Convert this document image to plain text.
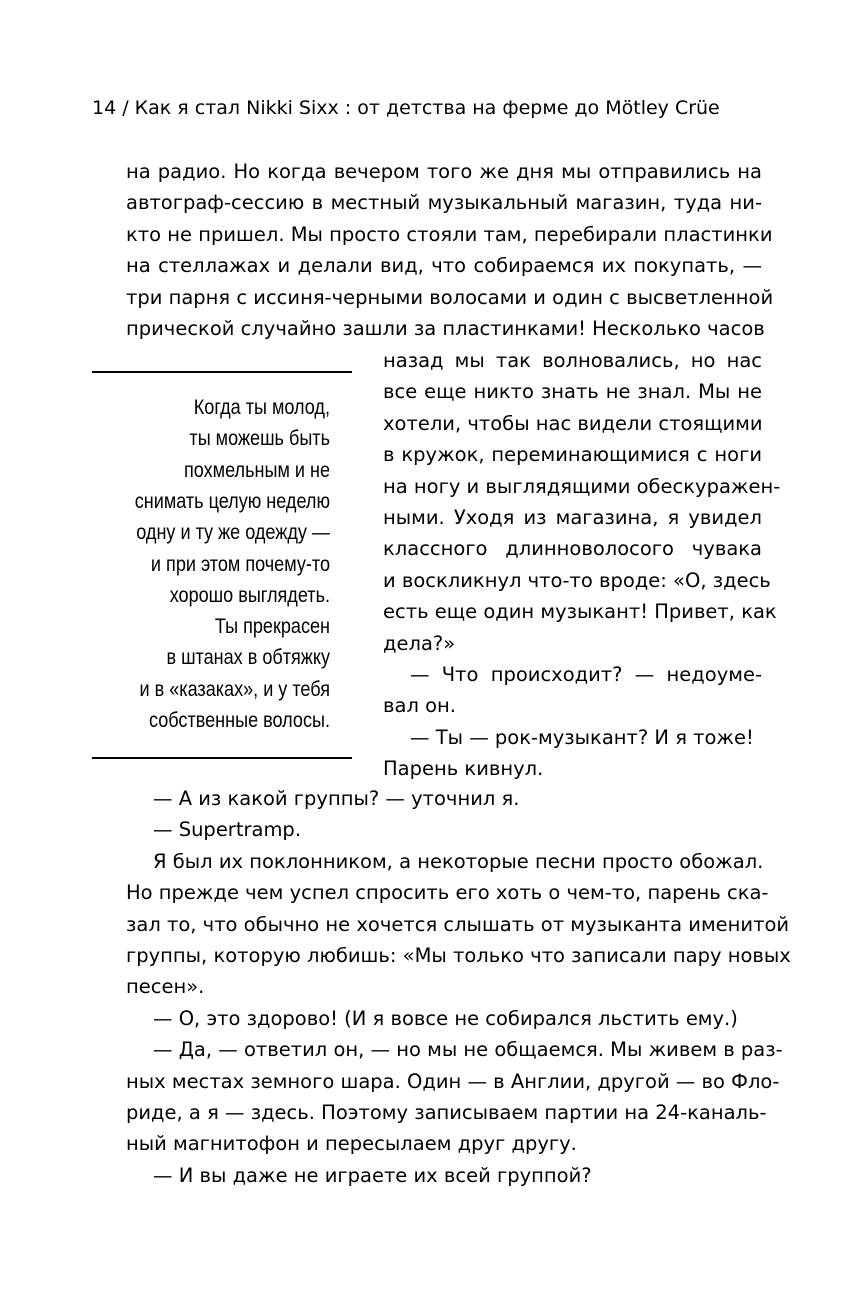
14 / Как я стал Nikki Sixx : от детства на ферме до Mötley Crüe
на радио. Но когда вечером того же дня мы отправились на
автограф-сессию в местный музыкальный магазин, туда ни-
кто не пришел. Мы просто стояли там, перебирали пластинки
на стеллажах и делали вид, что собираемся их покупать, —
три парня с иссиня-черными волосами и один с высветленной
прической случайно зашли за пластинками! Несколько часов
назад мы так волновались, но нас
все еще никто знать не знал. Мы не
хотели, чтобы нас видели стоящими
в кружок, переминающимися с ноги
на ногу и выглядящими обескуражен-
ными. Уходя из магазина, я увидел
классного длинноволосого чувака
и воскликнул что-то вроде: «О, здесь
есть еще один музыкант! Привет, как
дела?»
— Что происходит? — недоуме-
вал он.
— Ты — рок-музыкант? И я тоже!
Парень кивнул.
— А из какой группы? — уточнил я.
— Supertramp.
Я был их поклонником, а некоторые песни просто обожал.
Но прежде чем успел спросить его хоть о чем-то, парень ска-
зал то, что обычно не хочется слышать от музыканта именитой
группы, которую любишь: «Мы только что записали пару новых
песен».
— О, это здорово! (И я вовсе не собирался льстить ему.)
— Да, — ответил он, — но мы не общаемся. Мы живем в раз-
ных местах земного шара. Один — в Англии, другой — во Фло-
риде, а я — здесь. Поэтому записываем партии на 24-каналь-
ный магнитофон и пересылаем друг другу.
— И вы даже не играете их всей группой?
Когда ты молод,
ты можешь быть
похмельным и не
снимать целую неделю
одну и ту же одежду —
и при этом почему-то
хорошо выглядеть.
Ты прекрасен
в штанах в обтяжку
и в «казаках», и у тебя
собственные волосы.
